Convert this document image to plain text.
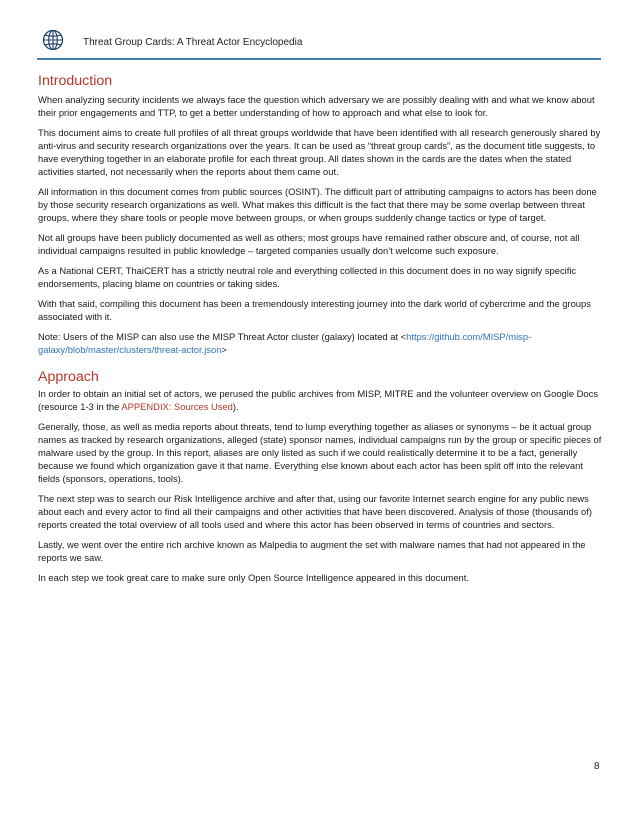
Threat Group Cards: A Threat Actor Encyclopedia
Introduction

When analyzing security incidents we always face the question which adversary we are possibly dealing with and what we know about their prior engagements and TTP, to get a better understanding of how to approach and what else to look for.

This document aims to create full profiles of all threat groups worldwide that have been identified with all research generously shared by anti-virus and security research organizations over the years. It can be used as “threat group cards”, as the document title suggests, to have everything together in an elaborate profile for each threat group. All dates shown in the cards are the dates when the stated activities started, not necessarily when the reports about them came out.

All information in this document comes from public sources (OSINT). The difficult part of attributing campaigns to actors has been done by those security research organizations as well. What makes this difficult is the fact that there may be some overlap between threat groups, where they share tools or people move between groups, or when groups suddenly change tactics or type of target.

Not all groups have been publicly documented as well as others; most groups have remained rather obscure and, of course, not all individual campaigns resulted in public knowledge – targeted companies usually don’t welcome such exposure.

As a National CERT, ThaiCERT has a strictly neutral role and everything collected in this document does in no way signify specific endorsements, placing blame on countries or taking sides.

With that said, compiling this document has been a tremendously interesting journey into the dark world of cybercrime and the groups associated with it.

Note: Users of the MISP can also use the MISP Threat Actor cluster (galaxy) located at <https://github.com/MISP/misp-galaxy/blob/master/clusters/threat-actor.json>

Approach

In order to obtain an initial set of actors, we perused the public archives from MISP, MITRE and the volunteer overview on Google Docs (resource 1-3 in the APPENDIX: Sources Used).

Generally, those, as well as media reports about threats, tend to lump everything together as aliases or synonyms – be it actual group names as tracked by research organizations, alleged (state) sponsor names, individual campaigns run by the group or specific pieces of malware used by the group. In this report, aliases are only listed as such if we could realistically determine it to be a fact, generally because we found which organization gave it that name. Everything else known about each actor has been split off into the relevant fields (sponsors, operations, tools).

The next step was to search our Risk Intelligence archive and after that, using our favorite Internet search engine for any public news about each and every actor to find all their campaigns and other activities that have been discovered. Analysis of those (thousands of) reports created the total overview of all tools used and where this actor has been observed in terms of countries and sectors.

Lastly, we went over the entire rich archive known as Malpedia to augment the set with malware names that had not appeared in the reports we saw.

In each step we took great care to make sure only Open Source Intelligence appeared in this document.

8
